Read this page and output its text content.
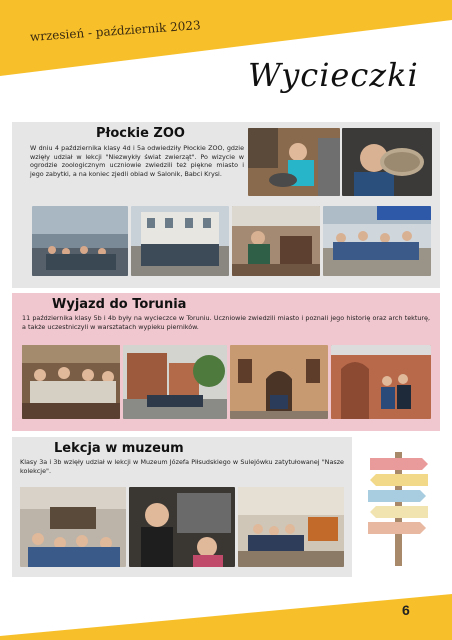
wrzesień - październik 2023
Wycieczki
Płockie ZOO
W dniu 4 października klasy 4d i 5a odwiedziły Płockie ZOO, gdzie wzięły udział w lekcji "Niezwykły świat zwierząt". Po wizycie w ogrodzie zoologicznym uczniowie zwiedzili też piękne miasto i jego zabytki, a na koniec zjedli obiad w Salonik, Babci Krysi.
Wyjazd do Torunia
11 października klasy 5b i 4b były na wycieczce w Toruniu. Uczniowie zwiedzili miasto i poznali jego historię oraz arch tekturę, a także uczestniczyli w warsztatach wypieku pierników.
Lekcja w muzeum
Klasy 3a i 3b wzięły udział w lekcji w Muzeum Józefa Piłsudskiego w Sulejówku zatytułowanej "Nasze kolekcje".
6
